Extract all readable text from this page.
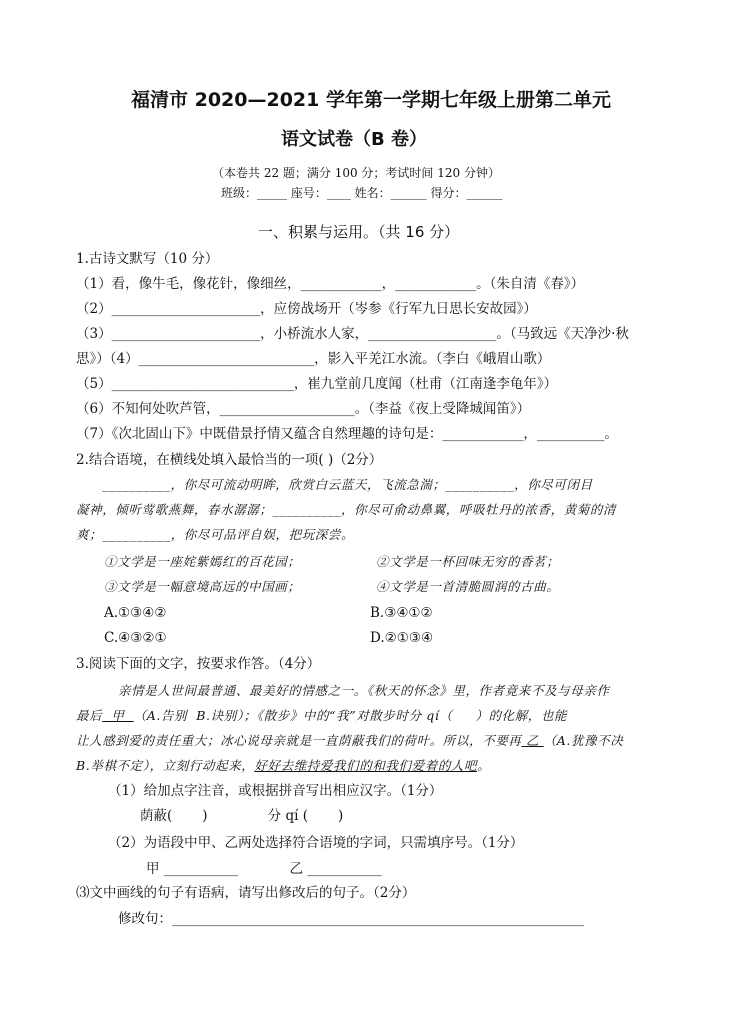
福清市 2020—2021 学年第一学期七年级上册第二单元
语文试卷（B 卷）
（本卷共 22 题；满分 100 分；考试时间 120 分钟）
班级：_____ 座号：____ 姓名：______ 得分：______
一、积累与运用。（共 16 分）
1.古诗文默写（10 分）
（1）看，像牛毛，像花针，像细丝，____________，____________。（朱自清《春》）
（2）______________________，应傍战场开（岑参《行军九日思长安故园》）
（3）______________________，小桥流水人家，___________________。（马致远《天净沙·秋
思》）（4）__________________________，影入平羌江水流。（李白《峨眉山歌）
（5）___________________________，崔九堂前几度闻（杜甫（江南逢李龟年》）
（6）不知何处吹芦管，____________________。（李益《夜上受降城闻笛》）
（7）《次北固山下》中既借景抒情又蕴含自然理趣的诗句是：____________，__________。
2.结合语境，在横线处填入最恰当的一项( )（2分）
__________，你尽可流动明眸，欣赏白云蓝天，飞流急湍；__________，你尽可闭目
凝神，倾听莺歌燕舞，春水潺潺；__________，你尽可俞动鼻翼，呼吸牡丹的浓香，黄菊的清
爽；__________，你尽可品评自娱，把玩深尝。
①文学是一座姹紫嫣红的百花园；	②文学是一杯回味无穷的香茗；
③文学是一幅意境高远的中国画；	④文学是一首清脆圆润的古曲。
A.①③④②	B.③④①②
C.④③②①	D.②①③④
3.阅读下面的文字，按要求作答。（4分）
亲情是人世间最普通、最美好的情感之一。《秋天的怀念》里，作者竟来不及与母亲作
最后  甲  （A.告别  B.诀别）；《散步》中的“我”对散步时分 qí（     ）的化解，也能
让人感到爱的责任重大；冰心说母亲就是一直荫蔽我们的荷叶。所以，不要再 乙 （A.犹豫不决
B.举棋不定），立刻行动起来，好好去维持爱我们的和我们爱着的人吧。
（1）给加点字注音，或根据拼音写出相应汉字。（1分）
荫蔽(       )              分 qí (       )
（2）为语段中甲、乙两处选择符合语境的字词，只需填序号。（1分）
甲 ___________            乙 ___________
⑶文中画线的句子有语病，请写出修改后的句子。（2分）
修改句：_____________________________________________________________
